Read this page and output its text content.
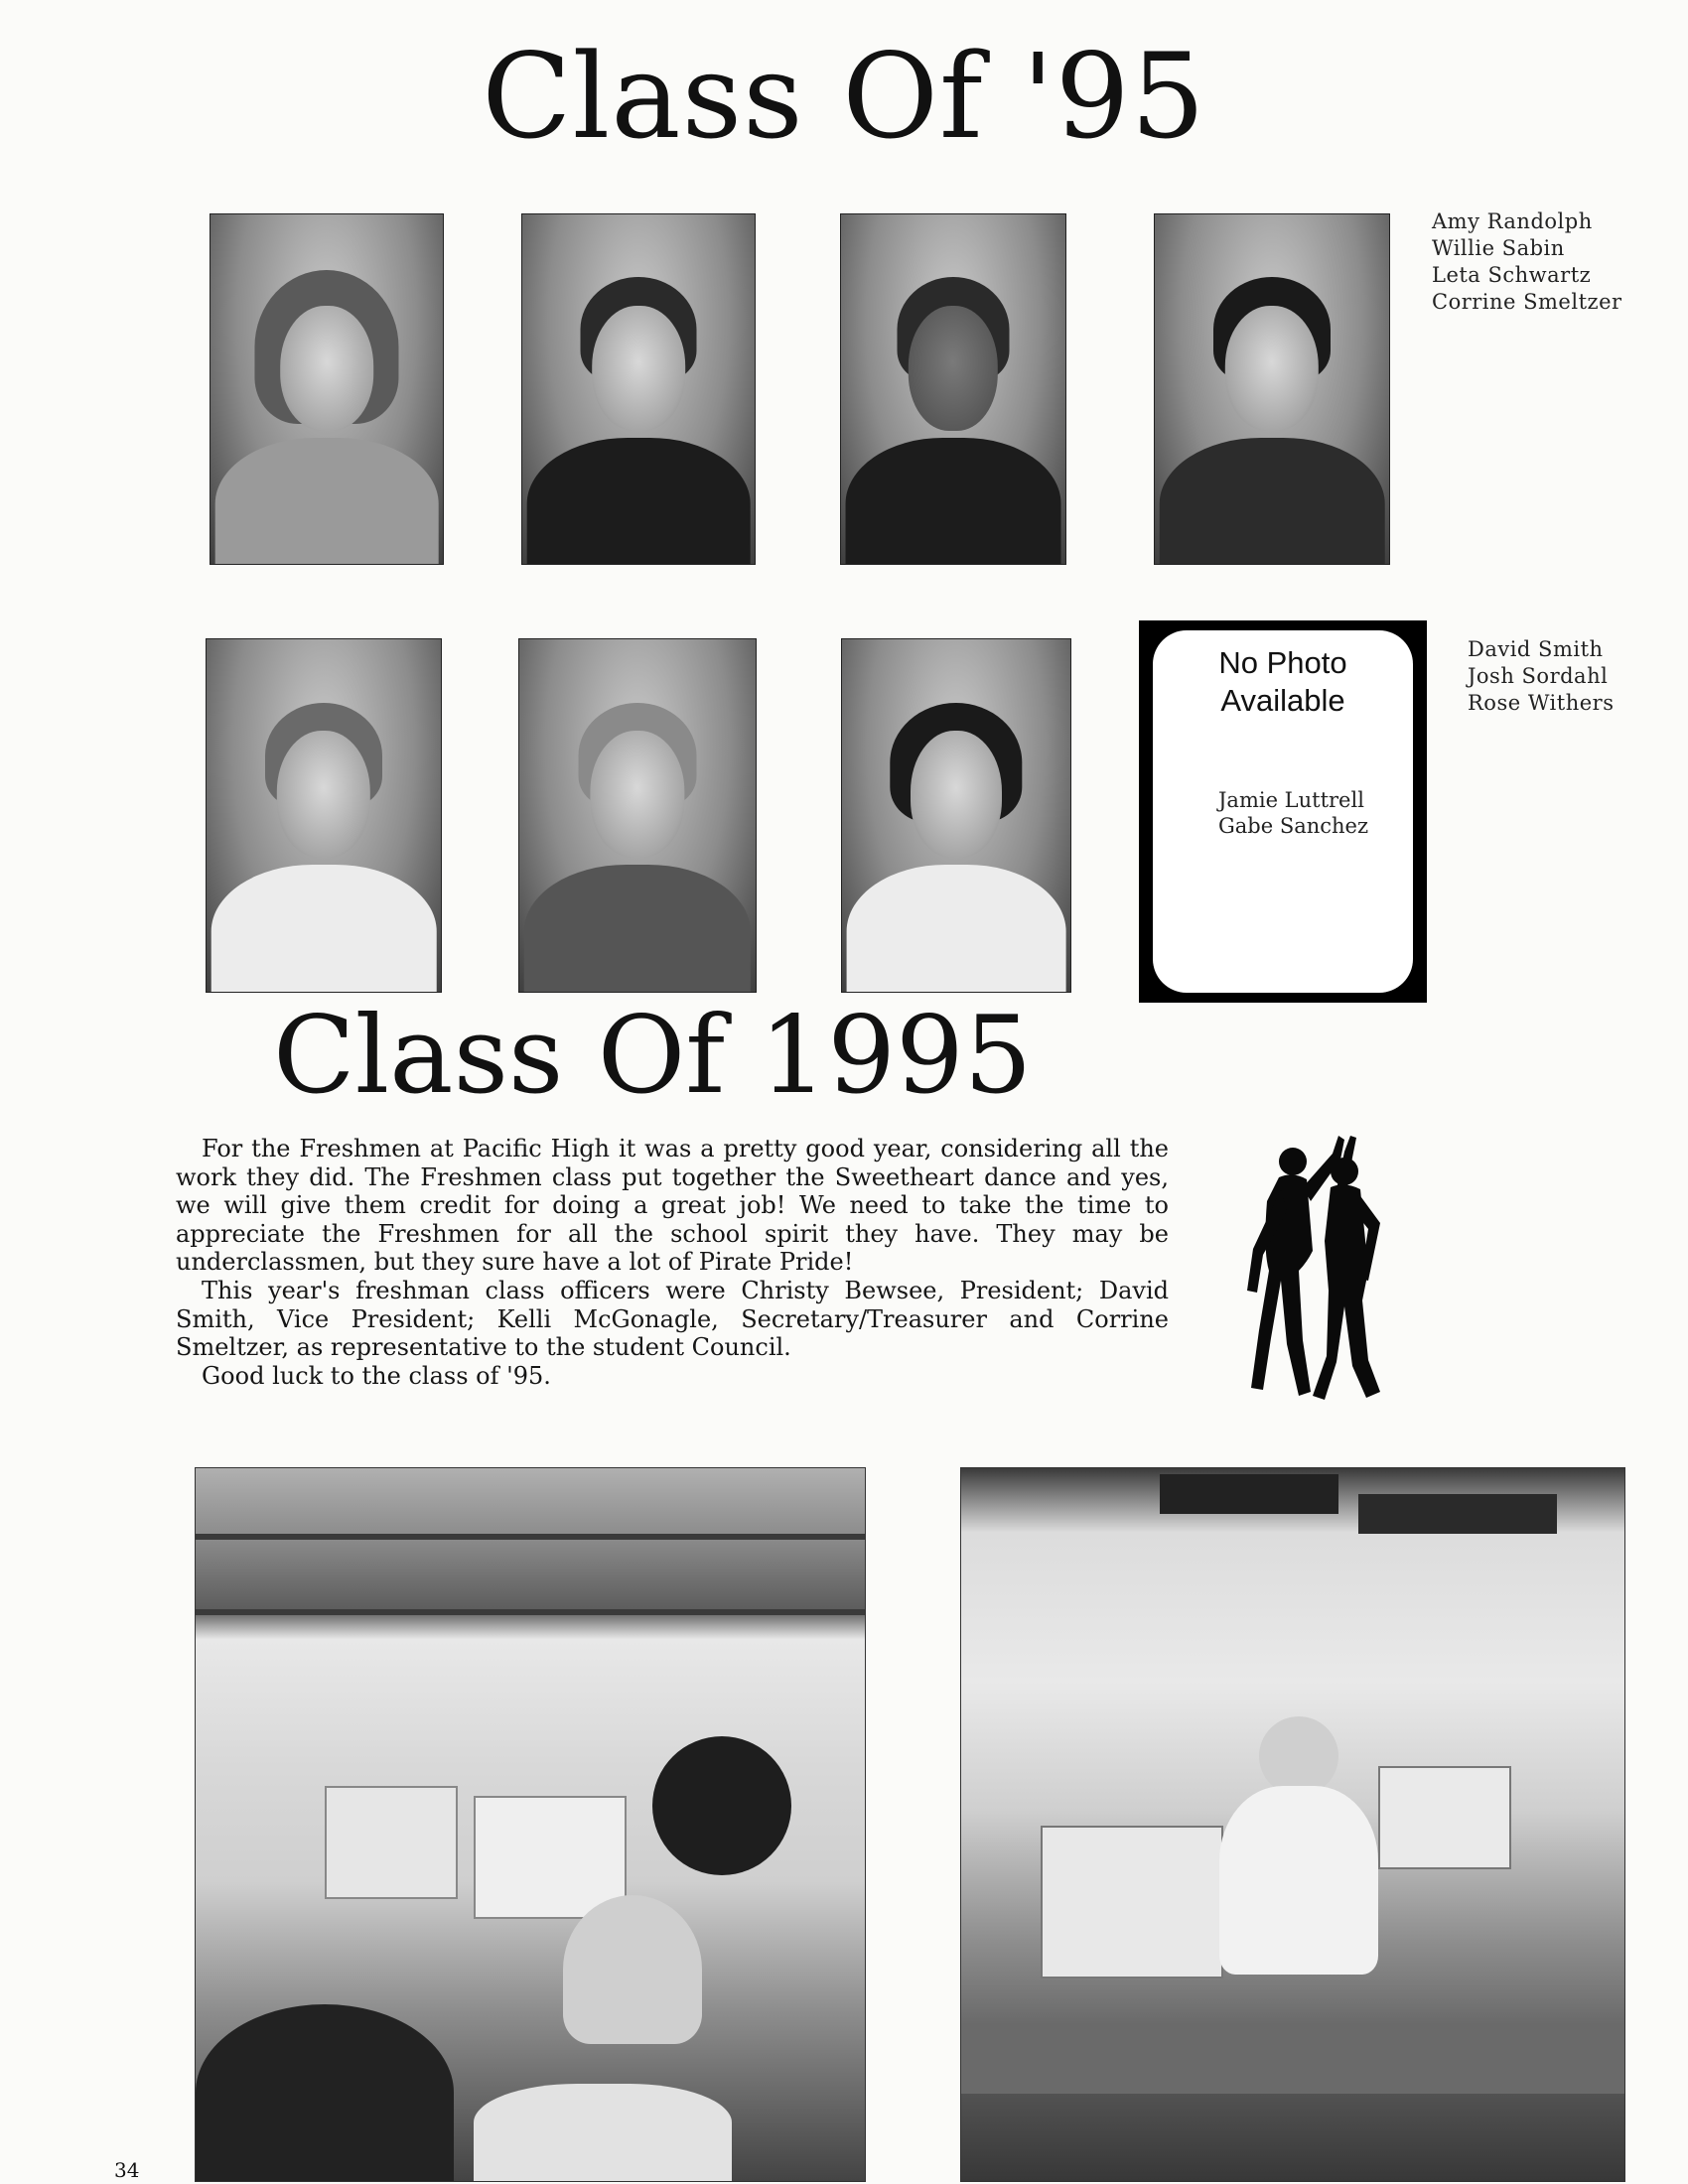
Class Of '95
Amy Randolph
Willie Sabin
Leta Schwartz
Corrine Smeltzer
No Photo
Available
Jamie Luttrell
Gabe Sanchez
David Smith
Josh Sordahl
Rose Withers
Class Of 1995

For the Freshmen at Pacific High it was a pretty good year, considering all the work they did. The Freshmen class put together the Sweetheart dance and yes, we will give them credit for doing a great job! We need to take the time to appreciate the Freshmen for all the school spirit they have. They may be underclassmen, but they sure have a lot of Pirate Pride!

This year's freshman class officers were Christy Bewsee, President; David Smith, Vice President; Kelli McGonagle, Secretary/Treasurer and Corrine Smeltzer, as representative to the student Council.

Good luck to the class of '95.

34
